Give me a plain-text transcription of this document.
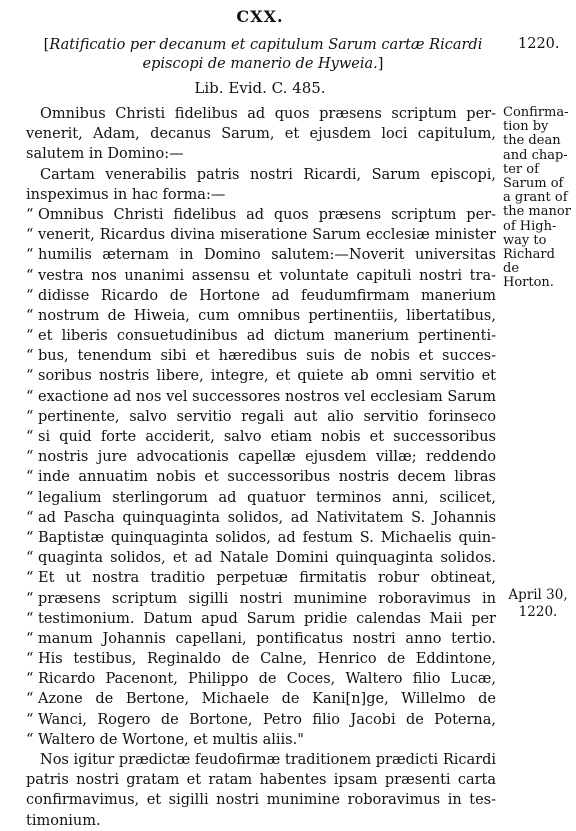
CXX.
[Ratificatio per decanum et capitulum Sarum cartæ Ricardi
episcopi de manerio de Hyweia.]
1220.
Lib. Evid. C. 485.
Omnibus Christi fidelibus ad quos præsens scriptum per-
venerit, Adam, decanus Sarum, et ejusdem loci capitulum,
salutem in Domino:—
Cartam venerabilis patris nostri Ricardi, Sarum episcopi,
inspeximus in hac forma:—
“ Omnibus Christi fidelibus ad quos præsens scriptum per-
“ venerit, Ricardus divina miseratione Sarum ecclesiæ minister
“ humilis æternam in Domino salutem:—Noverit universitas
“ vestra nos unanimi assensu et voluntate capituli nostri tra-
“ didisse Ricardo de Hortone ad feudumfirmam manerium
“ nostrum de Hiweia, cum omnibus pertinentiis, libertatibus,
“ et liberis consuetudinibus ad dictum manerium pertinenti-
“ bus, tenendum sibi et hæredibus suis de nobis et succes-
“ soribus nostris libere, integre, et quiete ab omni servitio et
“ exactione ad nos vel successores nostros vel ecclesiam Sarum
“ pertinente, salvo servitio regali aut alio servitio forinseco
“ si quid forte acciderit, salvo etiam nobis et successoribus
“ nostris jure advocationis capellæ ejusdem villæ; reddendo
“ inde annuatim nobis et successoribus nostris decem libras
“ legalium sterlingorum ad quatuor terminos anni, scilicet,
“ ad Pascha quinquaginta solidos, ad Nativitatem S. Johannis
“ Baptistæ quinquaginta solidos, ad festum S. Michaelis quin-
“ quaginta solidos, et ad Natale Domini quinquaginta solidos.
“ Et ut nostra traditio perpetuæ firmitatis robur obtineat,
“ præsens scriptum sigilli nostri munimine roboravimus in
“ testimonium. Datum apud Sarum pridie calendas Maii per
“ manum Johannis capellani, pontificatus nostri anno tertio.
“ His testibus, Reginaldo de Calne, Henrico de Eddintone,
“ Ricardo Pacenont, Philippo de Coces, Waltero filio Lucæ,
“ Azone de Bertone, Michaele de Kani[n]ge, Willelmo de
“ Wanci, Rogero de Bortone, Petro filio Jacobi de Poterna,
“ Waltero de Wortone, et multis aliis."
Nos igitur prædictæ feudofirmæ traditionem prædicti Ricardi
patris nostri gratam et ratam habentes ipsam præsenti carta
confirmavimus, et sigilli nostri munimine roboravimus in tes-
timonium.
Confirma-
tion by
the dean
and chap-
ter of
Sarum of
a grant of
the manor
of High-
way to
Richard de
Horton.
April 30,
1220.
